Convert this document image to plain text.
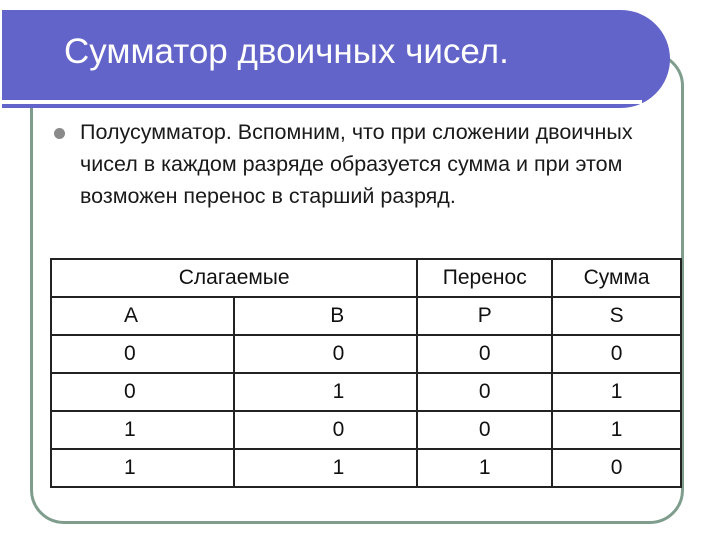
Сумматор двоичных чисел.
Полусумматор. Вспомним, что при сложении двоичных чисел в каждом разряде образуется сумма и при этом возможен перенос в старший разряд.
Слагаемые		Перенос	Сумма
A	B	P	S
0	0	0	0
0	1	0	1
1	0	0	1
1	1	1	0
